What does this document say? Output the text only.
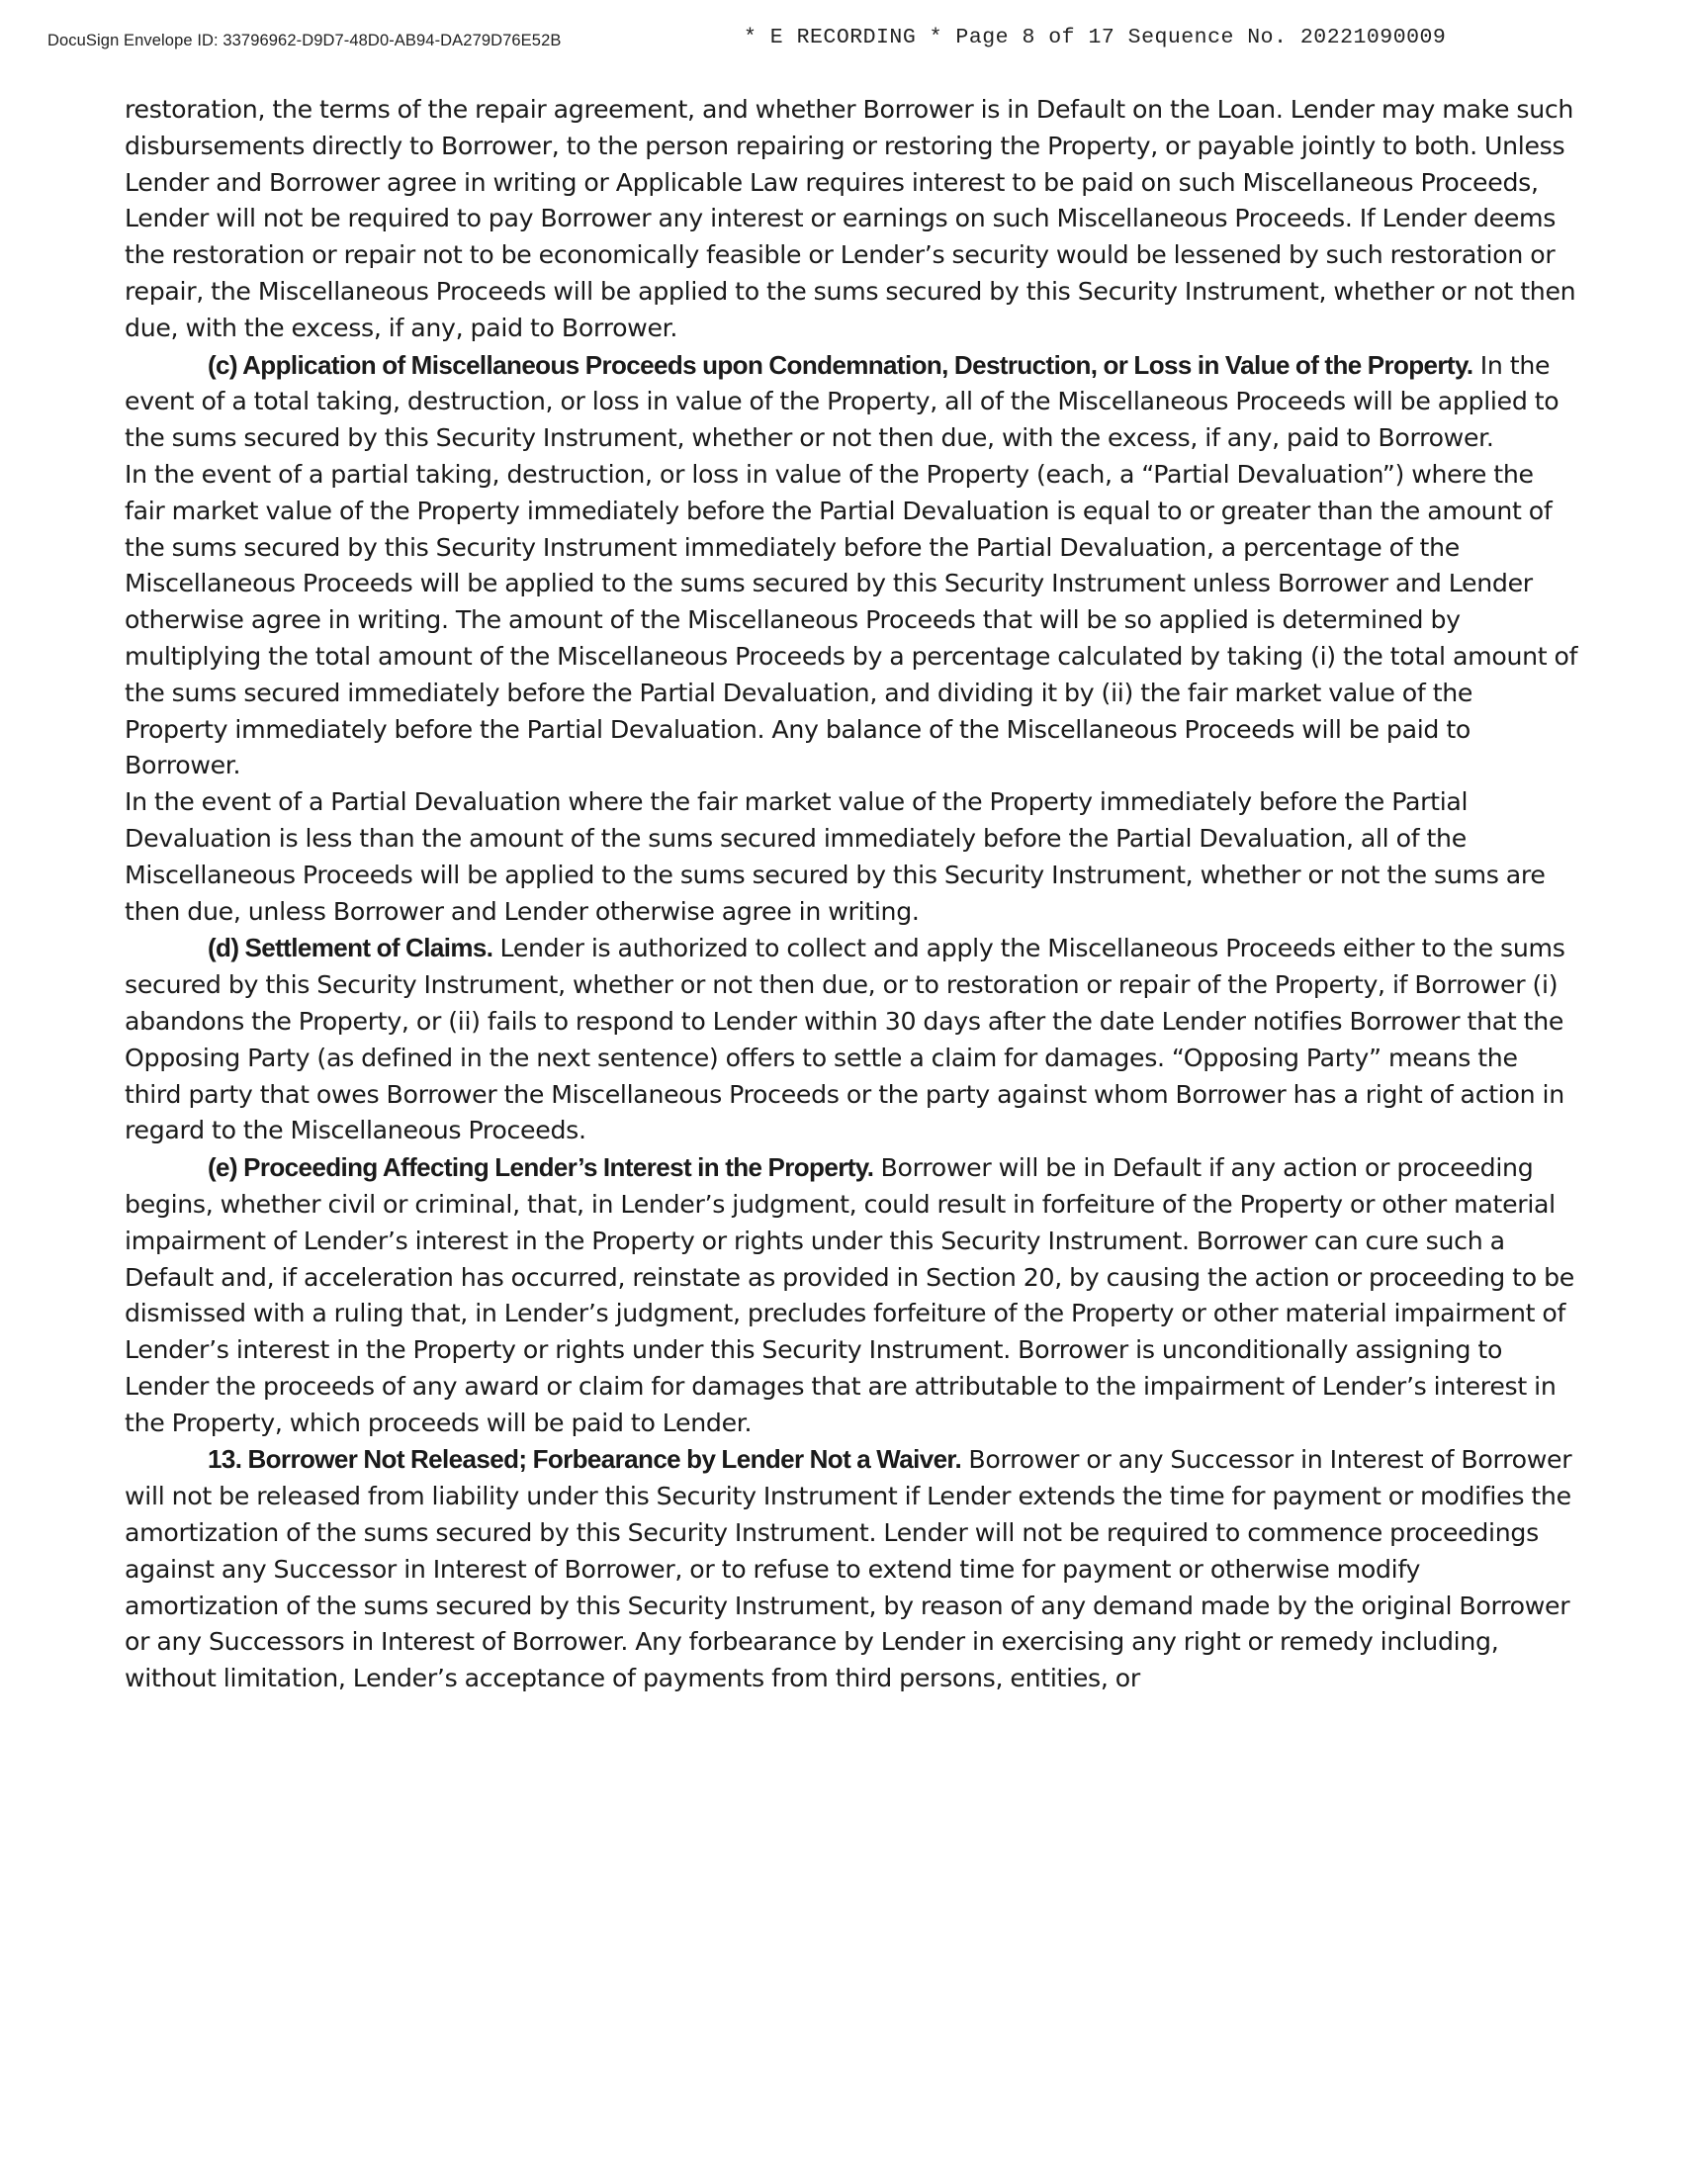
DocuSign Envelope ID: 33796962-D9D7-48D0-AB94-DA279D76E52B	* E RECORDING * Page 8 of 17 Sequence No. 20221090009

restoration, the terms of the repair agreement, and whether Borrower is in Default on the Loan. Lender may make such disbursements directly to Borrower, to the person repairing or restoring the Property, or payable jointly to both. Unless Lender and Borrower agree in writing or Applicable Law requires interest to be paid on such Miscellaneous Proceeds, Lender will not be required to pay Borrower any interest or earnings on such Miscellaneous Proceeds. If Lender deems the restoration or repair not to be economically feasible or Lender’s security would be lessened by such restoration or repair, the Miscellaneous Proceeds will be applied to the sums secured by this Security Instrument, whether or not then due, with the excess, if any, paid to Borrower.

(c) Application of Miscellaneous Proceeds upon Condemnation, Destruction, or Loss in Value of the Property. In the event of a total taking, destruction, or loss in value of the Property, all of the Miscellaneous Proceeds will be applied to the sums secured by this Security Instrument, whether or not then due, with the excess, if any, paid to Borrower.

In the event of a partial taking, destruction, or loss in value of the Property (each, a “Partial Devaluation”) where the fair market value of the Property immediately before the Partial Devaluation is equal to or greater than the amount of the sums secured by this Security Instrument immediately before the Partial Devaluation, a percentage of the Miscellaneous Proceeds will be applied to the sums secured by this Security Instrument unless Borrower and Lender otherwise agree in writing. The amount of the Miscellaneous Proceeds that will be so applied is determined by multiplying the total amount of the Miscellaneous Proceeds by a percentage calculated by taking (i) the total amount of the sums secured immediately before the Partial Devaluation, and dividing it by (ii) the fair market value of the Property immediately before the Partial Devaluation. Any balance of the Miscellaneous Proceeds will be paid to Borrower.

In the event of a Partial Devaluation where the fair market value of the Property immediately before the Partial Devaluation is less than the amount of the sums secured immediately before the Partial Devaluation, all of the Miscellaneous Proceeds will be applied to the sums secured by this Security Instrument, whether or not the sums are then due, unless Borrower and Lender otherwise agree in writing.

(d) Settlement of Claims. Lender is authorized to collect and apply the Miscellaneous Proceeds either to the sums secured by this Security Instrument, whether or not then due, or to restoration or repair of the Property, if Borrower (i) abandons the Property, or (ii) fails to respond to Lender within 30 days after the date Lender notifies Borrower that the Opposing Party (as defined in the next sentence) offers to settle a claim for damages. “Opposing Party” means the third party that owes Borrower the Miscellaneous Proceeds or the party against whom Borrower has a right of action in regard to the Miscellaneous Proceeds.

(e) Proceeding Affecting Lender’s Interest in the Property. Borrower will be in Default if any action or proceeding begins, whether civil or criminal, that, in Lender’s judgment, could result in forfeiture of the Property or other material impairment of Lender’s interest in the Property or rights under this Security Instrument. Borrower can cure such a Default and, if acceleration has occurred, reinstate as provided in Section 20, by causing the action or proceeding to be dismissed with a ruling that, in Lender’s judgment, precludes forfeiture of the Property or other material impairment of Lender’s interest in the Property or rights under this Security Instrument. Borrower is unconditionally assigning to Lender the proceeds of any award or claim for damages that are attributable to the impairment of Lender’s interest in the Property, which proceeds will be paid to Lender.

13. Borrower Not Released; Forbearance by Lender Not a Waiver. Borrower or any Successor in Interest of Borrower will not be released from liability under this Security Instrument if Lender extends the time for payment or modifies the amortization of the sums secured by this Security Instrument. Lender will not be required to commence proceedings against any Successor in Interest of Borrower, or to refuse to extend time for payment or otherwise modify amortization of the sums secured by this Security Instrument, by reason of any demand made by the original Borrower or any Successors in Interest of Borrower. Any forbearance by Lender in exercising any right or remedy including, without limitation, Lender’s acceptance of payments from third persons, entities, or
